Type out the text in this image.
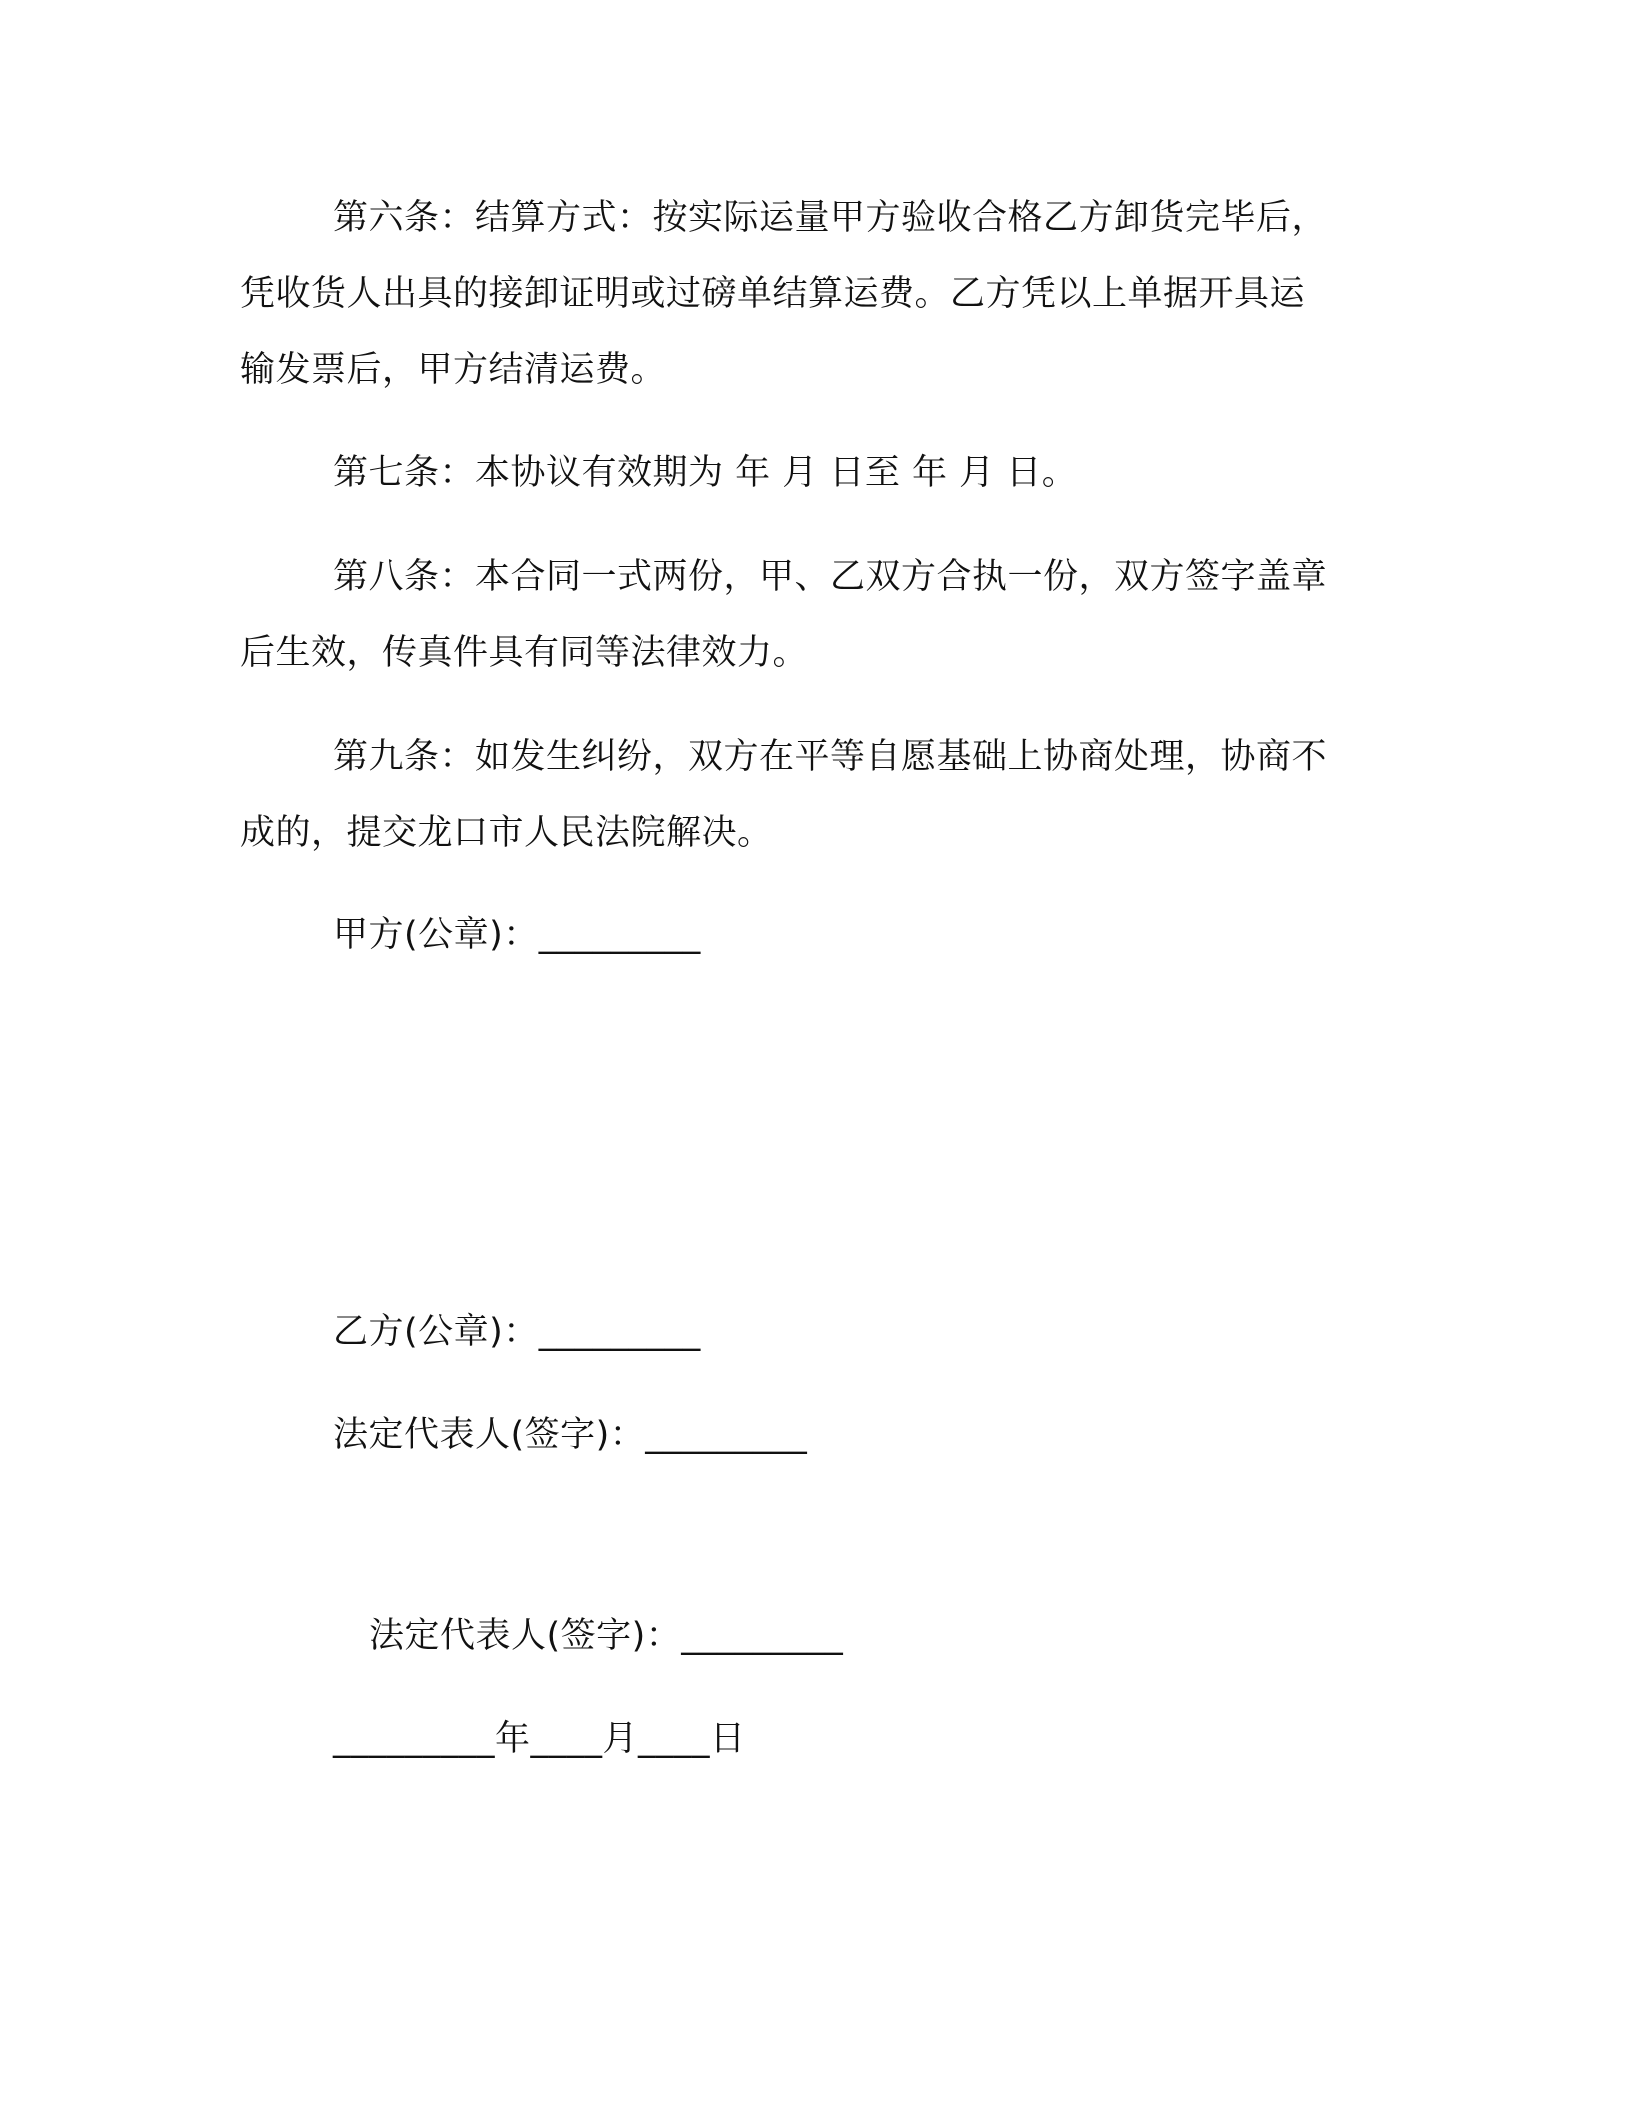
第六条：结算方式：按实际运量甲方验收合格乙方卸货完毕后，
凭收货人出具的接卸证明或过磅单结算运费。乙方凭以上单据开具运
输发票后，甲方结清运费。
第七条：本协议有效期为 年 月 日至 年 月 日。
第八条：本合同一式两份，甲、乙双方合执一份，双方签字盖章
后生效，传真件具有同等法律效力。
第九条：如发生纠纷，双方在平等自愿基础上协商处理，协商不
成的，提交龙口市人民法院解决。
甲方(公章)：_________
乙方(公章)：_________
法定代表人(签字)：_________
法定代表人(签字)：_________
_________年____月____日
